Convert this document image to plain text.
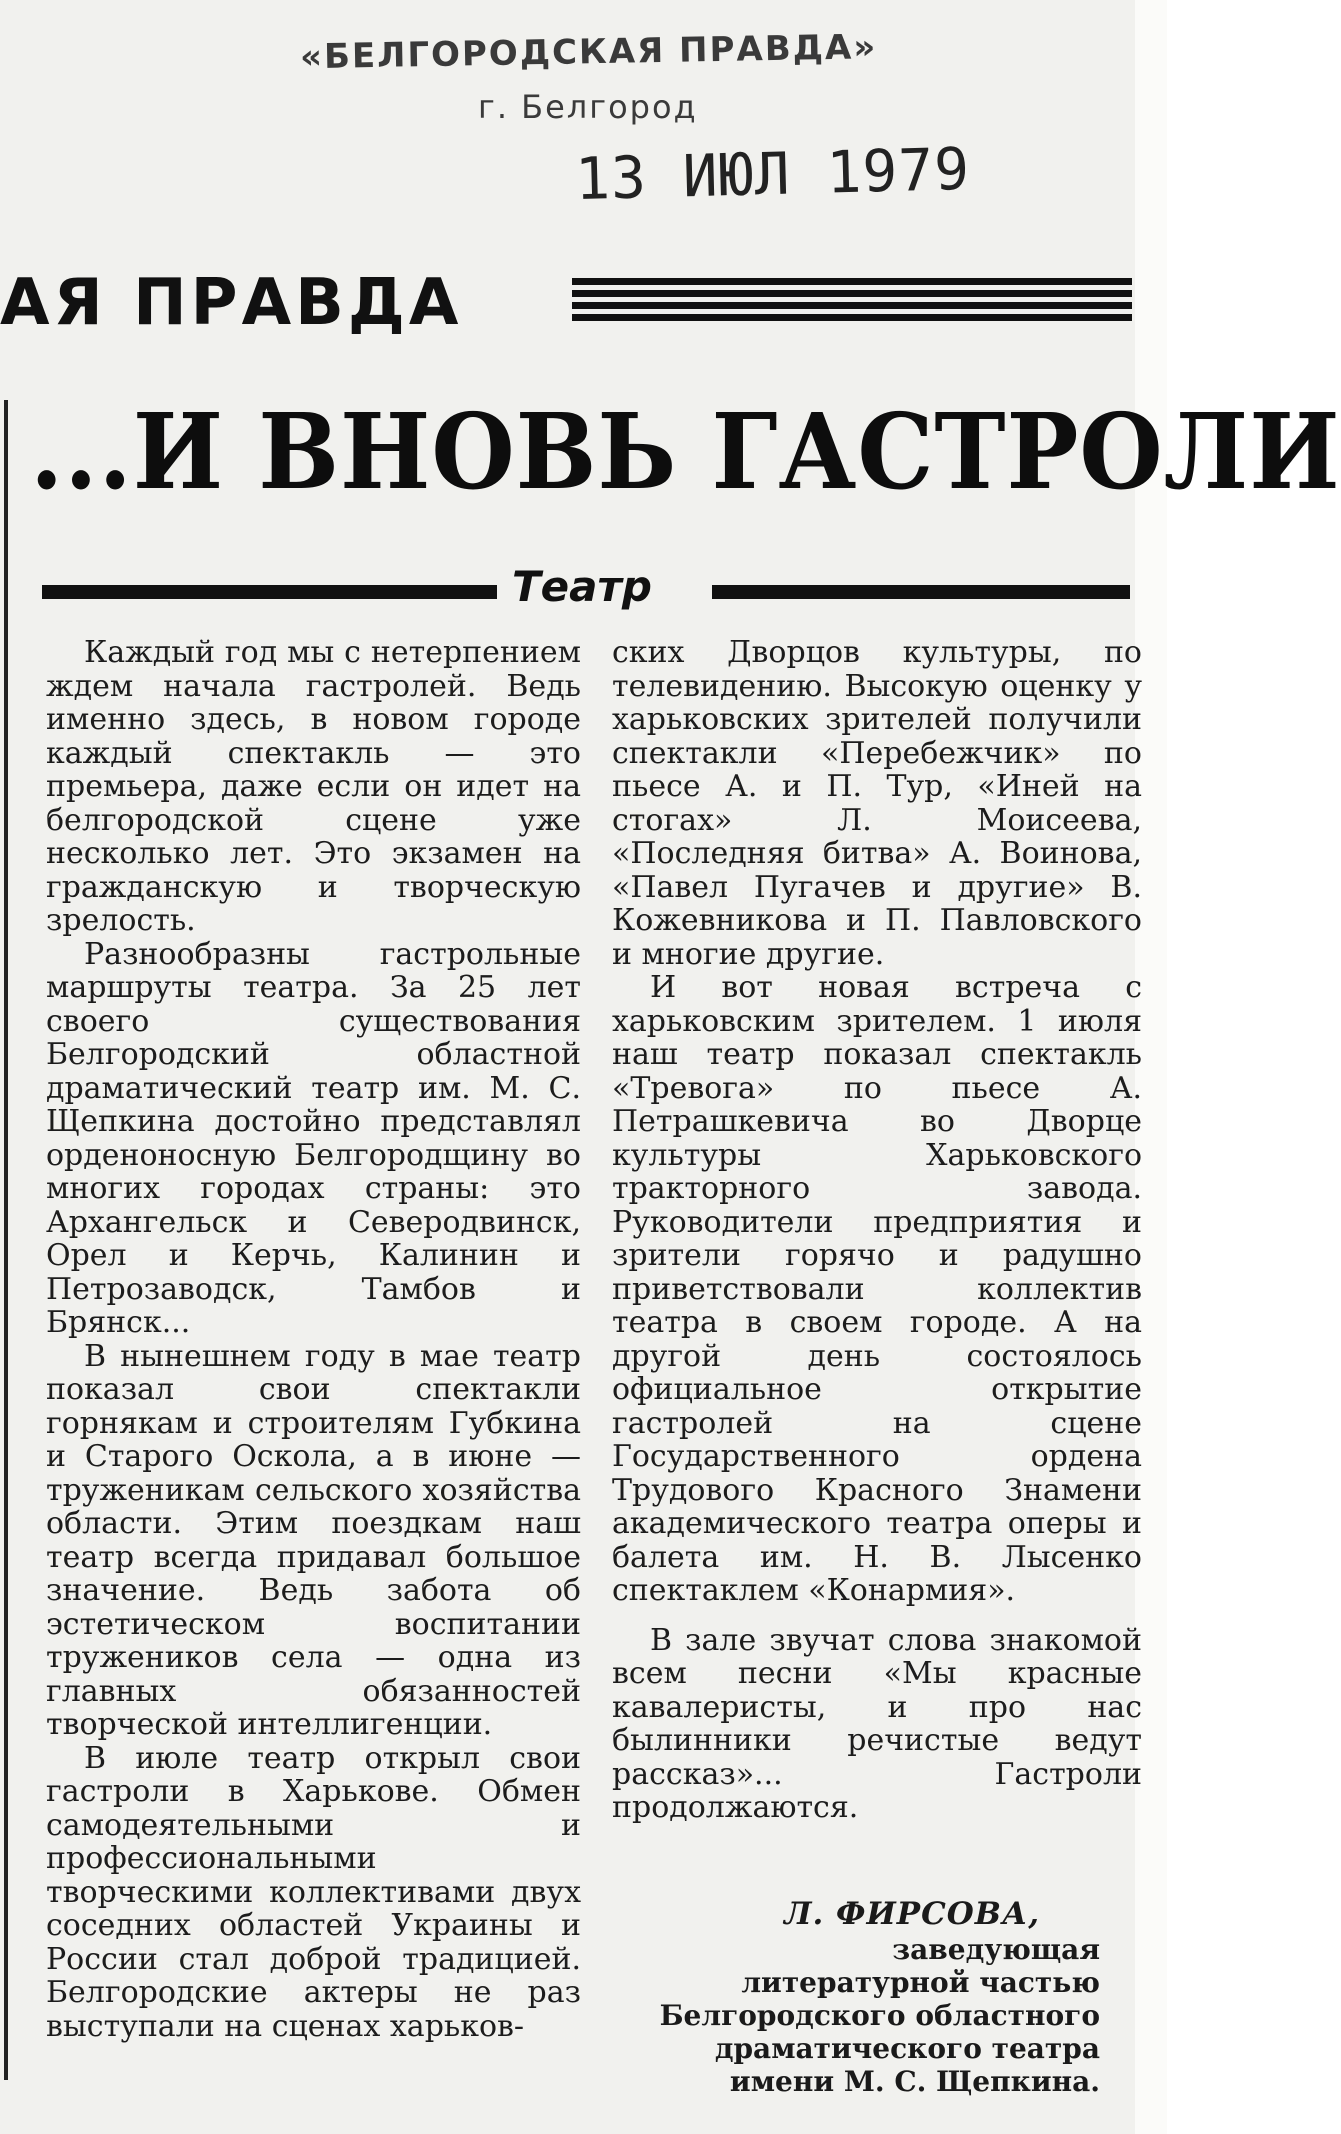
«БЕЛГОРОДСКАЯ ПРАВДА»
г. Белгород
13 ИЮЛ 1979
АЯ ПРАВДА
...И ВНОВЬ ГАСТРОЛИ
Театр

Каждый год мы с нетерпением ждем начала гастролей. Ведь именно здесь, в новом городе каждый спектакль — это премьера, даже если он идет на белгородской сцене уже несколько лет. Это экзамен на гражданскую и творческую зрелость.

Разнообразны гастрольные маршруты театра. За 25 лет своего существования Белгородский областной драматический театр им. М. С. Щепкина достойно представлял орденоносную Белгородщину во многих городах страны: это Архангельск и Северодвинск, Орел и Керчь, Калинин и Петрозаводск, Тамбов и Брянск...

В нынешнем году в мае театр показал свои спектакли горнякам и строителям Губкина и Старого Оскола, а в июне — труженикам сельского хозяйства области. Этим поездкам наш театр всегда придавал большое значение. Ведь забота об эстетическом воспитании тружеников села — одна из главных обязанностей творческой интеллигенции.

В июле театр открыл свои гастроли в Харькове. Обмен самодеятельными и профессиональными творческими коллективами двух соседних областей Украины и России стал доброй традицией. Белгородские актеры не раз выступали на сценах харьков-

ских Дворцов культуры, по телевидению. Высокую оценку у харьковских зрителей получили спектакли «Перебежчик» по пьесе А. и П. Тур, «Иней на стогах» Л. Моисеева, «Последняя битва» А. Воинова, «Павел Пугачев и другие» В. Кожевникова и П. Павловского и многие другие.

И вот новая встреча с харьковским зрителем. 1 июля наш театр показал спектакль «Тревога» по пьесе А. Петрашкевича во Дворце культуры Харьковского тракторного завода. Руководители предприятия и зрители горячо и радушно приветствовали коллектив театра в своем городе. А на другой день состоялось официальное открытие гастролей на сцене Государственного ордена Трудового Красного Знамени академического театра оперы и балета им. Н. В. Лысенко спектаклем «Конармия».

В зале звучат слова знакомой всем песни «Мы красные кавалеристы, и про нас былинники речистые ведут рассказ»... Гастроли продолжаются.

Л. ФИРСОВА,
заведующая
литературной частью
Белгородского областного
драматического театра
имени М. С. Щепкина.
